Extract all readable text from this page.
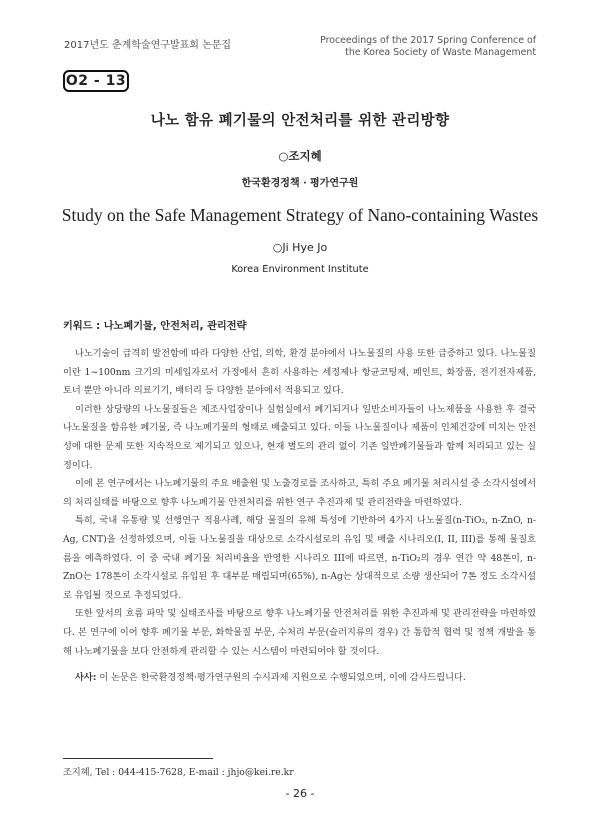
2017년도 춘계학술연구발표회 논문집	Proceedings of the 2017 Spring Conference of
the Korea Society of Waste Management
O2 - 13
나노 함유 폐기물의 안전처리를 위한 관리방향
○조지혜
한국환경정책 · 평가연구원
Study on the Safe Management Strategy of Nano-containing Wastes
○Ji Hye Jo
Korea Environment Institute
키워드 : 나노폐기물, 안전처리, 관리전략

나노기술이 급격히 발전함에 따라 다양한 산업, 의학, 환경 분야에서 나노물질의 사용 또한 급증하고 있다. 나노물질이란 1~100nm 크기의 미세입자로서 가정에서 흔히 사용하는 세정제나 항균코팅제, 페인트, 화장품, 전기전자제품, 토너 뿐만 아니라 의료기기, 배터리 등 다양한 분야에서 적용되고 있다.

이러한 상당량의 나노물질들은 제조사업장이나 실험실에서 폐기되거나 일반소비자들이 나노제품을 사용한 후 결국 나노물질을 함유한 폐기물, 즉 나노폐기물의 형태로 배출되고 있다. 이들 나노물질이나 제품이 인체건강에 미치는 안전성에 대한 문제 또한 지속적으로 제기되고 있으나, 현재 별도의 관리 없이 기존 일반폐기물들과 함께 처리되고 있는 실정이다.

이에 본 연구에서는 나노폐기물의 주요 배출원 및 노출경로를 조사하고, 특히 주요 폐기물 처리시설 중 소각시설에서의 처리실태를 바탕으로 향후 나노폐기물 안전처리를 위한 연구 추진과제 및 관리전략을 마련하였다.

특히, 국내 유통량 및 선행연구 적용사례, 해당 물질의 유해 특성에 기반하여 4가지 나노물질(n-TiO₂, n-ZnO, n-Ag, CNT)을 선정하였으며, 이들 나노물질을 대상으로 소각시설로의 유입 및 배출 시나리오(I, II, III)를 통해 물질흐름을 예측하였다. 이 중 국내 폐기물 처리비율을 반영한 시나리오 III에 따르면, n-TiO₂의 경우 연간 약 48톤이, n-ZnO는 178톤이 소각시설로 유입된 후 대부분 매립되며(65%), n-Ag는 상대적으로 소량 생산되어 7톤 정도 소각시설로 유입될 것으로 추정되었다.

또한 앞서의 흐름 파악 및 실태조사를 바탕으로 향후 나노폐기물 안전처리를 위한 추진과제 및 관리전략을 마련하였다. 본 연구에 이어 향후 폐기물 부문, 화학물질 부문, 수처리 부문(슬러지류의 경우) 간 통합적 협력 및 정책 개발을 통해 나노폐기물을 보다 안전하게 관리할 수 있는 시스템이 마련되어야 할 것이다.

사사: 이 논문은 한국환경정책·평가연구원의 수시과제 지원으로 수행되었으며, 이에 감사드립니다.

조지혜, Tel : 044-415-7628, E-mail : jhjo@kei.re.kr
- 26 -
